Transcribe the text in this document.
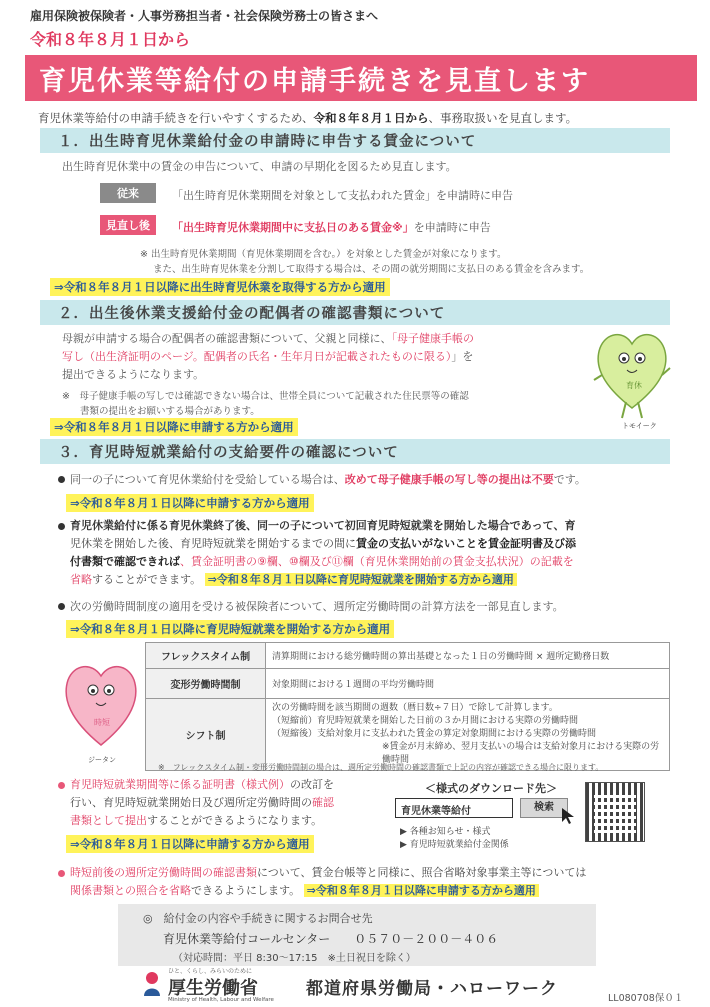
雇用保険被保険者・人事労務担当者・社会保険労務士の皆さまへ
令和８年８月１日から
育児休業等給付の申請手続きを見直します
育児休業等給付の申請手続きを行いやすくするため、令和８年８月１日から、事務取扱いを見直します。
１．出生時育児休業給付金の申請時に申告する賃金について
出生時育児休業中の賃金の申告について、申請の早期化を図るため見直します。
従来	「出生時育児休業期間を対象として支払われた賃金」を申請時に申告
見直し後	「出生時育児休業期間中に支払日のある賃金※」を申請時に申告
※ 出生時育児休業期間（育児休業期間を含む。）を対象とした賃金が対象になります。
また、出生時育児休業を分割して取得する場合は、その間の就労期間に支払日のある賃金を含みます。
⇒令和８年８月１日以降に出生時育児休業を取得する方から適用
２．出生後休業支援給付金の配偶者の確認書類について
母親が申請する場合の配偶者の確認書類について、父親と同様に、「母子健康手帳の
写し（出生済証明のページ。配偶者の氏名・生年月日が記載されたものに限る）」を
提出できるようになります。
※　母子健康手帳の写しでは確認できない場合は、世帯全員について記載された住民票等の確認
書類の提出をお願いする場合があります。
⇒令和８年８月１日以降に申請する方から適用
育休
トモイーク
３．育児時短就業給付の支給要件の確認について
同一の子について育児休業給付を受給している場合は、改めて母子健康手帳の写し等の提出は不要です。
⇒令和８年８月１日以降に申請する方から適用
育児休業給付に係る育児休業終了後、同一の子について初回育児時短就業を開始した場合であって、育
児休業を開始した後、育児時短就業を開始するまでの間に賃金の支払いがないことを賃金証明書及び添
付書類で確認できれば、賃金証明書の⑨欄、⑩欄及び⑪欄（育児休業開始前の賃金支払状況）の記載を
省略することができます。 ⇒令和８年８月１日以降に育児時短就業を開始する方から適用
次の労働時間制度の適用を受ける被保険者について、週所定労働時間の計算方法を一部見直します。
⇒令和８年８月１日以降に育児時短就業を開始する方から適用
時短
ジータン
フレックスタイム制	清算期間における総労働時間の算出基礎となった１日の労働時間 × 週所定勤務日数
変形労働時間制	対象期間における１週間の平均労働時間
シフト制	次の労働時間を該当期間の週数（暦日数÷７日）で除して計算します。
（短縮前）育児時短就業を開始した日前の３か月間における実際の労働時間
（短縮後）支給対象月に支払われた賃金の算定対象期間における実際の労働時間
※賃金が月末締め、翌月支払いの場合は支給対象月における実際の労働時間
※　フレックスタイム制・変形労働時間制の場合は、週所定労働時間の確認書類で上記の内容が確認できる場合に限ります。
育児時短就業期間等に係る証明書（様式例）の改訂を
行い、育児時短就業開始日及び週所定労働時間の確認
書類として提出することができるようになります。
⇒令和８年８月１日以降に申請する方から適用
＜様式のダウンロード先＞
育児休業等給付	検索
▶ 各種お知らせ・様式
▶ 育児時短就業給付金関係
時短前後の週所定労働時間の確認書類について、賃金台帳等と同様に、照合省略対象事業主等については
関係書類との照合を省略できるようにします。 ⇒令和８年８月１日以降に申請する方から適用
◎　給付金の内容や手続きに関するお問合せ先
育児休業等給付コールセンター　　０５７０－２００－４０６
（対応時間：平日 8:30～17:15　※土日祝日を除く）
ひと、くらし、みらいのために
厚生労働省
Ministry of Health, Labour and Welfare
都道府県労働局・ハローワーク	LL080708保０１
